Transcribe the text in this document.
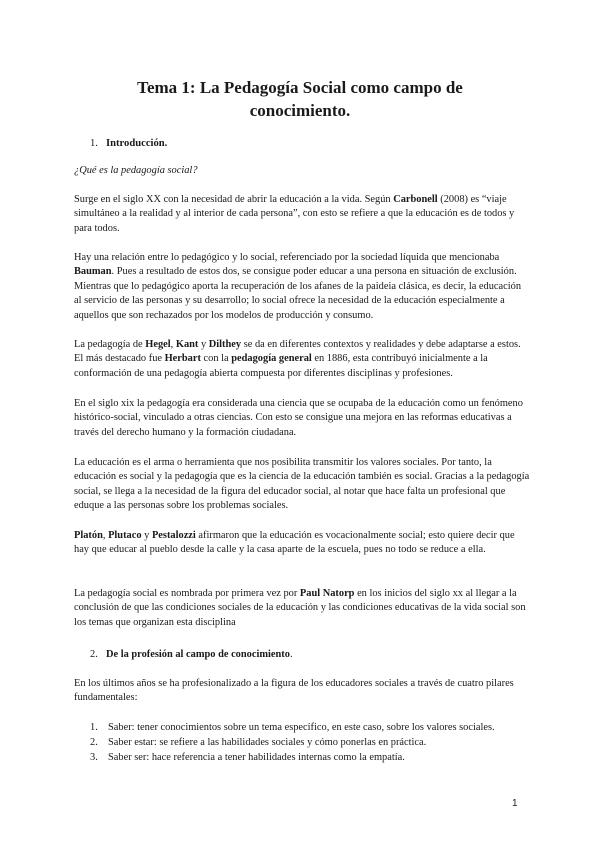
Tema 1: La Pedagogía Social como campo de conocimiento.
1. Introducción.

¿Qué es la pedagogía social?

Surge en el siglo XX con la necesidad de abrir la educación a la vida. Según Carbonell (2008) es “viaje simultáneo a la realidad y al interior de cada persona”, con esto se refiere a que la educación es de todos y para todos.

Hay una relación entre lo pedagógico y lo social, referenciado por la sociedad líquida que mencionaba Bauman. Pues a resultado de estos dos, se consigue poder educar a una persona en situación de exclusión. Mientras que lo pedagógico aporta la recuperación de los afanes de la paideia clásica, es decir, la educación al servicio de las personas y su desarrollo; lo social ofrece la necesidad de la educación especialmente a aquellos que son rechazados por los modelos de producción y consumo.

La pedagogía de Hegel, Kant y Dilthey se da en diferentes contextos y realidades y debe adaptarse a estos. El más destacado fue Herbart con la pedagogía general en 1886, esta contribuyó inicialmente a la conformación de una pedagogía abierta compuesta por diferentes disciplinas y profesiones.

En el siglo xix la pedagogía era considerada una ciencia que se ocupaba de la educación como un fenómeno histórico-social, vinculado a otras ciencias. Con esto se consigue una mejora en las reformas educativas a través del derecho humano y la formación ciudadana.

La educación es el arma o herramienta que nos posibilita transmitir los valores sociales. Por tanto, la educación es social y la pedagogía que es la ciencia de la educación también es social. Gracias a la pedagogía social, se llega a la necesidad de la figura del educador social, al notar que hace falta un profesional que eduque a las personas sobre los problemas sociales.

Platón, Plutaco y Pestalozzi afirmaron que la educación es vocacionalmente social; esto quiere decir que hay que educar al pueblo desde la calle y la casa aparte de la escuela, pues no todo se reduce a ella.

La pedagogía social es nombrada por primera vez por Paul Natorp en los inicios del siglo xx al llegar a la conclusión de que las condiciones sociales de la educación y las condiciones educativas de la vida social son los temas que organizan esta disciplina

2. De la profesión al campo de conocimiento.

En los últimos años se ha profesionalizado a la figura de los educadores sociales a través de cuatro pilares fundamentales:

1. Saber: tener conocimientos sobre un tema específico, en este caso, sobre los valores sociales.
2. Saber estar: se refiere a las habilidades sociales y cómo ponerlas en práctica.
3. Saber ser: hace referencia a tener habilidades internas como la empatía.
1
